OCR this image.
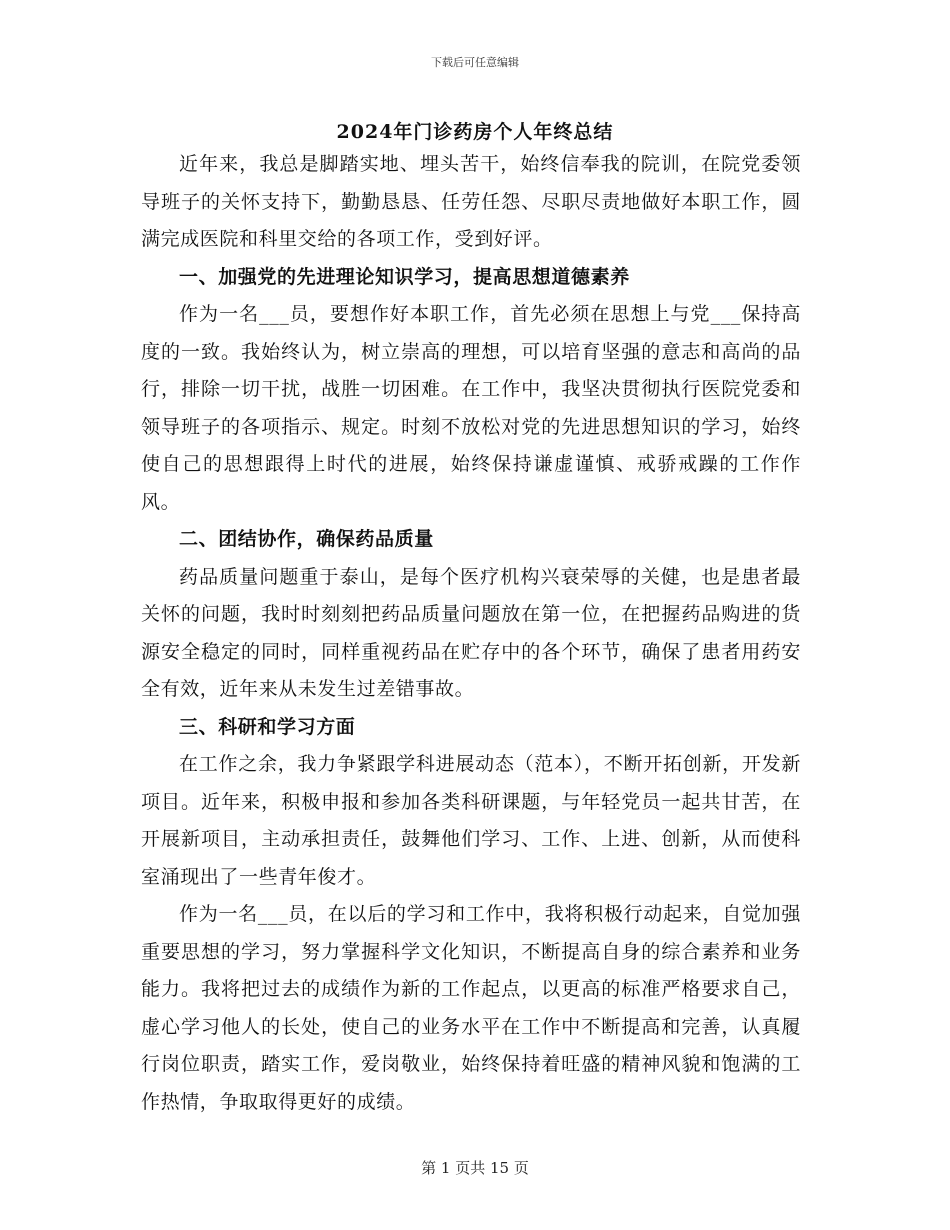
下载后可任意编辑
2024年门诊药房个人年终总结

近年来，我总是脚踏实地、埋头苦干，始终信奉我的院训，在院党委领导班子的关怀支持下，勤勤恳恳、任劳任怨、尽职尽责地做好本职工作，圆满完成医院和科里交给的各项工作，受到好评。

一、加强党的先进理论知识学习，提高思想道德素养

作为一名___员，要想作好本职工作，首先必须在思想上与党___保持高度的一致。我始终认为，树立崇高的理想，可以培育坚强的意志和高尚的品行，排除一切干扰，战胜一切困难。在工作中，我坚决贯彻执行医院党委和领导班子的各项指示、规定。时刻不放松对党的先进思想知识的学习，始终使自己的思想跟得上时代的进展，始终保持谦虚谨慎、戒骄戒躁的工作作风。

二、团结协作，确保药品质量

药品质量问题重于泰山，是每个医疗机构兴衰荣辱的关健，也是患者最关怀的问题，我时时刻刻把药品质量问题放在第一位，在把握药品购进的货源安全稳定的同时，同样重视药品在贮存中的各个环节，确保了患者用药安全有效，近年来从未发生过差错事故。

三、科研和学习方面

在工作之余，我力争紧跟学科进展动态（范本），不断开拓创新，开发新项目。近年来，积极申报和参加各类科研课题，与年轻党员一起共甘苦，在开展新项目，主动承担责任，鼓舞他们学习、工作、上进、创新，从而使科室涌现出了一些青年俊才。

作为一名___员，在以后的学习和工作中，我将积极行动起来，自觉加强重要思想的学习，努力掌握科学文化知识，不断提高自身的综合素养和业务能力。我将把过去的成绩作为新的工作起点，以更高的标准严格要求自己，虚心学习他人的长处，使自己的业务水平在工作中不断提高和完善，认真履行岗位职责，踏实工作，爱岗敬业，始终保持着旺盛的精神风貌和饱满的工作热情，争取取得更好的成绩。

第 1 页共 15 页
